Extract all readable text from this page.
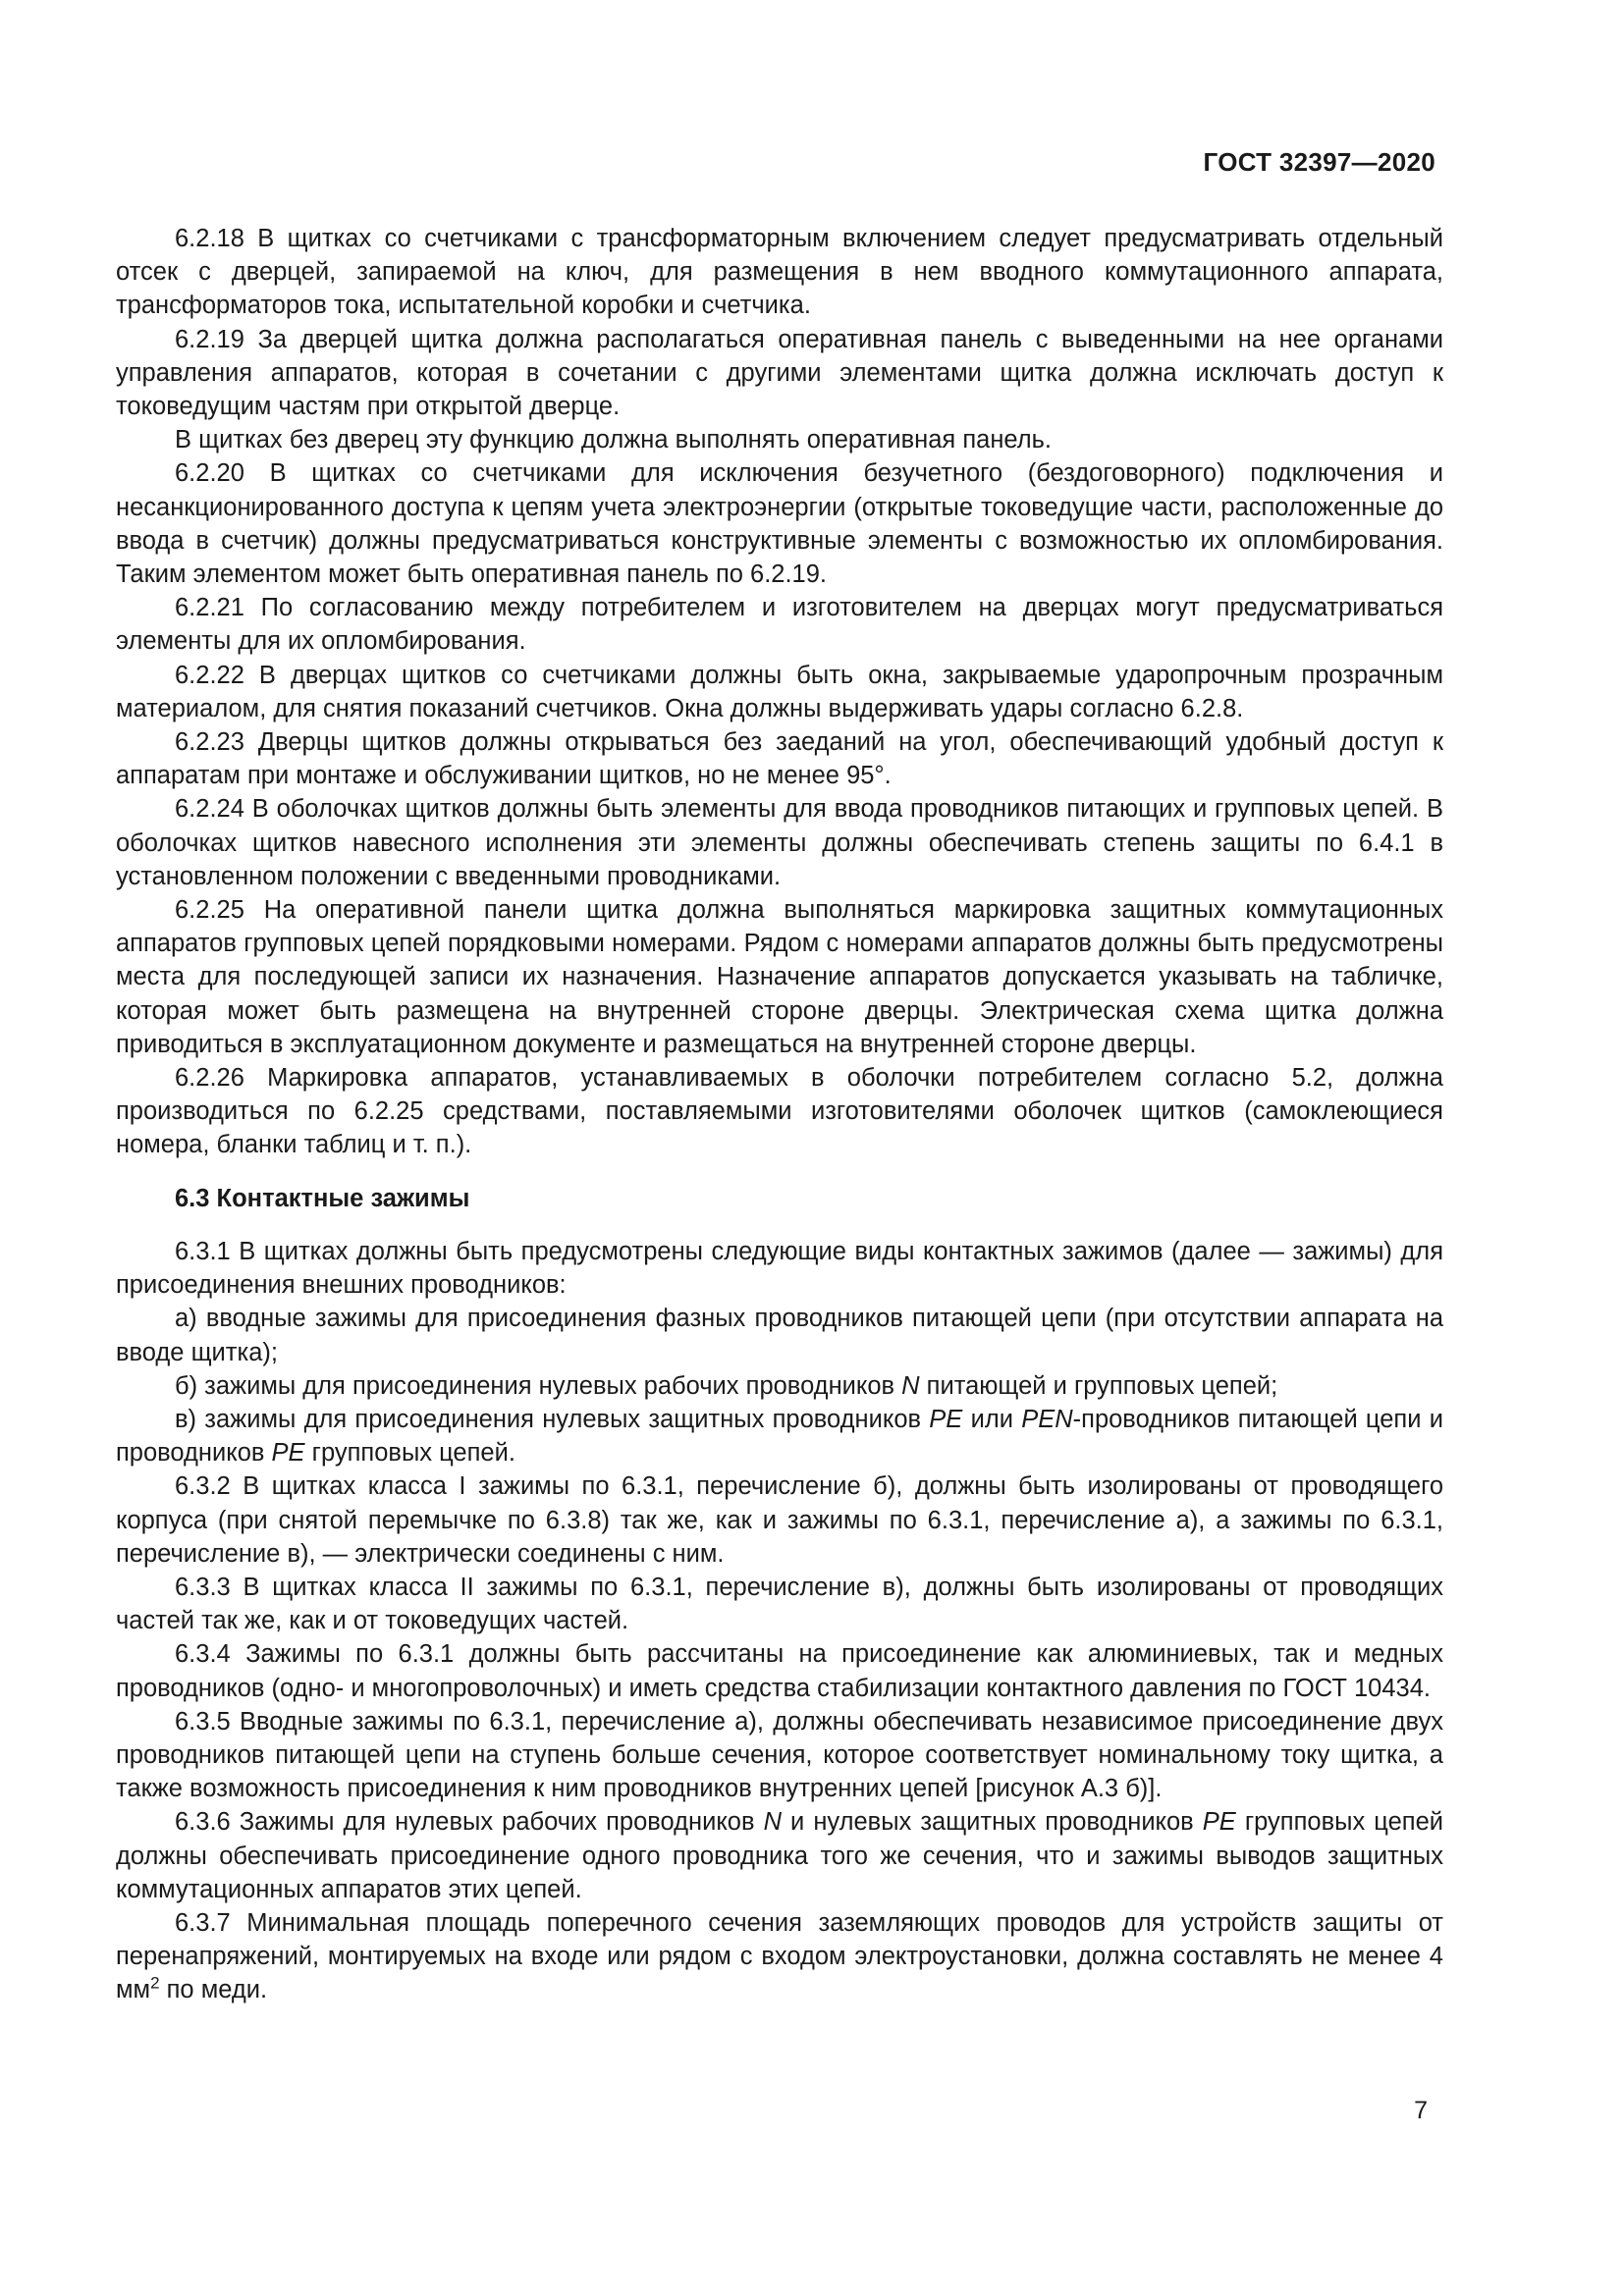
ГОСТ 32397—2020

6.2.18 В щитках со счетчиками с трансформаторным включением следует предусматривать отдельный отсек с дверцей, запираемой на ключ, для размещения в нем вводного коммутационного аппарата, трансформаторов тока, испытательной коробки и счетчика.

6.2.19 За дверцей щитка должна располагаться оперативная панель с выведенными на нее органами управления аппаратов, которая в сочетании с другими элементами щитка должна исключать доступ к токоведущим частям при открытой дверце.

В щитках без дверец эту функцию должна выполнять оперативная панель.

6.2.20 В щитках со счетчиками для исключения безучетного (бездоговорного) подключения и несанкционированного доступа к цепям учета электроэнергии (открытые токоведущие части, расположенные до ввода в счетчик) должны предусматриваться конструктивные элементы с возможностью их опломбирования. Таким элементом может быть оперативная панель по 6.2.19.

6.2.21 По согласованию между потребителем и изготовителем на дверцах могут предусматриваться элементы для их опломбирования.

6.2.22 В дверцах щитков со счетчиками должны быть окна, закрываемые ударопрочным прозрачным материалом, для снятия показаний счетчиков. Окна должны выдерживать удары согласно 6.2.8.

6.2.23 Дверцы щитков должны открываться без заеданий на угол, обеспечивающий удобный доступ к аппаратам при монтаже и обслуживании щитков, но не менее 95°.

6.2.24 В оболочках щитков должны быть элементы для ввода проводников питающих и групповых цепей. В оболочках щитков навесного исполнения эти элементы должны обеспечивать степень защиты по 6.4.1 в установленном положении с введенными проводниками.

6.2.25 На оперативной панели щитка должна выполняться маркировка защитных коммутационных аппаратов групповых цепей порядковыми номерами. Рядом с номерами аппаратов должны быть предусмотрены места для последующей записи их назначения. Назначение аппаратов допускается указывать на табличке, которая может быть размещена на внутренней стороне дверцы. Электрическая схема щитка должна приводиться в эксплуатационном документе и размещаться на внутренней стороне дверцы.

6.2.26 Маркировка аппаратов, устанавливаемых в оболочки потребителем согласно 5.2, должна производиться по 6.2.25 средствами, поставляемыми изготовителями оболочек щитков (самоклеющиеся номера, бланки таблиц и т. п.).

6.3 Контактные зажимы

6.3.1 В щитках должны быть предусмотрены следующие виды контактных зажимов (далее — зажимы) для присоединения внешних проводников:

а) вводные зажимы для присоединения фазных проводников питающей цепи (при отсутствии аппарата на вводе щитка);

б) зажимы для присоединения нулевых рабочих проводников N питающей и групповых цепей;

в) зажимы для присоединения нулевых защитных проводников PE или PEN-проводников питающей цепи и проводников PE групповых цепей.

6.3.2 В щитках класса I зажимы по 6.3.1, перечисление б), должны быть изолированы от проводящего корпуса (при снятой перемычке по 6.3.8) так же, как и зажимы по 6.3.1, перечисление а), а зажимы по 6.3.1, перечисление в), — электрически соединены с ним.

6.3.3 В щитках класса II зажимы по 6.3.1, перечисление в), должны быть изолированы от проводящих частей так же, как и от токоведущих частей.

6.3.4 Зажимы по 6.3.1 должны быть рассчитаны на присоединение как алюминиевых, так и медных проводников (одно- и многопроволочных) и иметь средства стабилизации контактного давления по ГОСТ 10434.

6.3.5 Вводные зажимы по 6.3.1, перечисление а), должны обеспечивать независимое присоединение двух проводников питающей цепи на ступень больше сечения, которое соответствует номинальному току щитка, а также возможность присоединения к ним проводников внутренних цепей [рисунок А.3 б)].

6.3.6 Зажимы для нулевых рабочих проводников N и нулевых защитных проводников PE групповых цепей должны обеспечивать присоединение одного проводника того же сечения, что и зажимы выводов защитных коммутационных аппаратов этих цепей.

6.3.7 Минимальная площадь поперечного сечения заземляющих проводов для устройств защиты от перенапряжений, монтируемых на входе или рядом с входом электроустановки, должна составлять не менее 4 $мм^2$ по меди.

7
